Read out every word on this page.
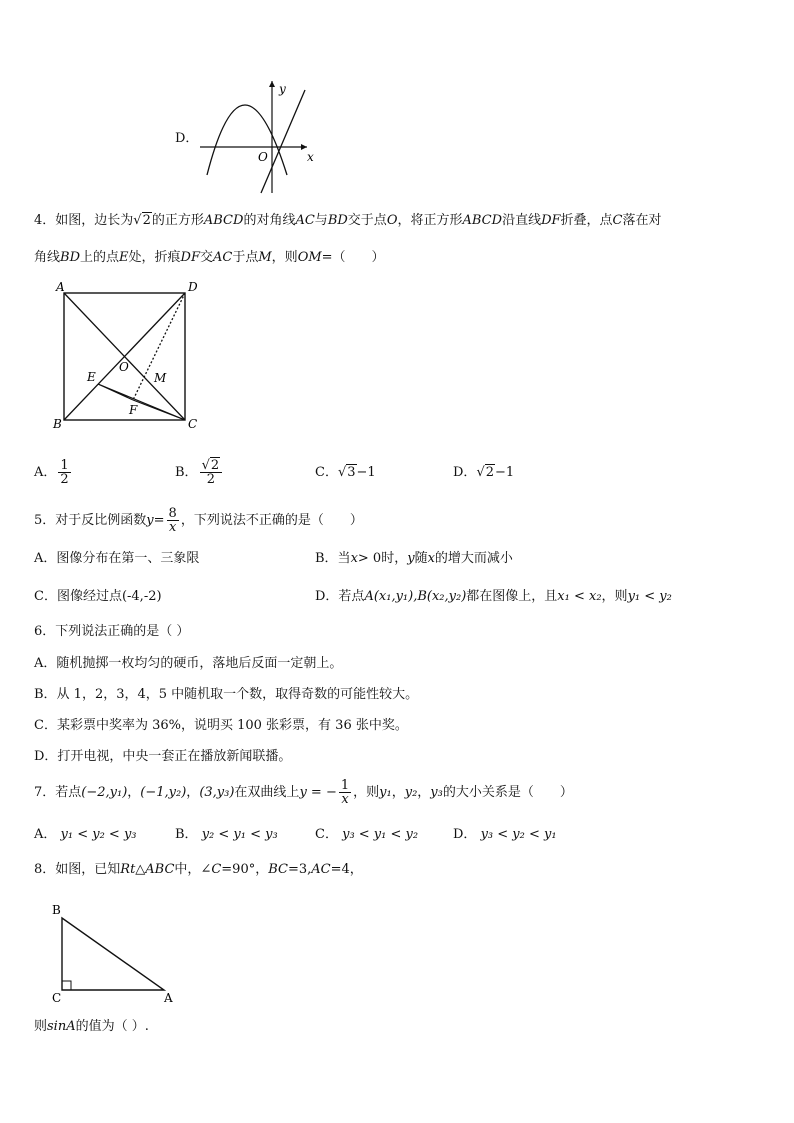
D．
y
x
O
4．如图，边长为√2的正方形ABCD的对角线AC与BD交于点O，将正方形ABCD沿直线DF折叠，点C落在对
角线BD上的点E处，折痕DF交AC于点M，则OM=（　　）
A	D
B	C
O
E
F
M
A． $\frac{1}{2}$	B． $\frac{√2}{2}$	C．√3−1	D．√2−1
5．对于反比例函数$y= \frac{8}{x}$ ，下列说法不正确的是（　　）
A．图像分布在第一、三象限	B．当x> 0时，y随x的增大而减小
C．图像经过点(-4,-2)	D．若点A(x₁,y₁),B(x₂,y₂)都在图像上，且x₁ < x₂，则y₁ < y₂
6．下列说法正确的是（ ）
A．随机抛掷一枚均匀的硬币，落地后反面一定朝上。
B．从 1，2，3，4，5 中随机取一个数，取得奇数的可能性较大。
C．某彩票中奖率为 36%，说明买 100 张彩票，有 36 张中奖。
D．打开电视，中央一套正在播放新闻联播。
7．若点(−2,y₁)，(−1,y₂)，(3,y₃)在双曲线上y = − $\frac{1}{x}$ ，则y₁，y₂，y₃的大小关系是（　　）
A． y₁ < y₂ < y₃	B． y₂ < y₁ < y₃	C． y₃ < y₁ < y₂	D． y₃ < y₂ < y₁
8．如图，已知Rt△ABC中，∠C=90°，BC=3,AC=4，
B
C	A
则sinA的值为（ ）.
